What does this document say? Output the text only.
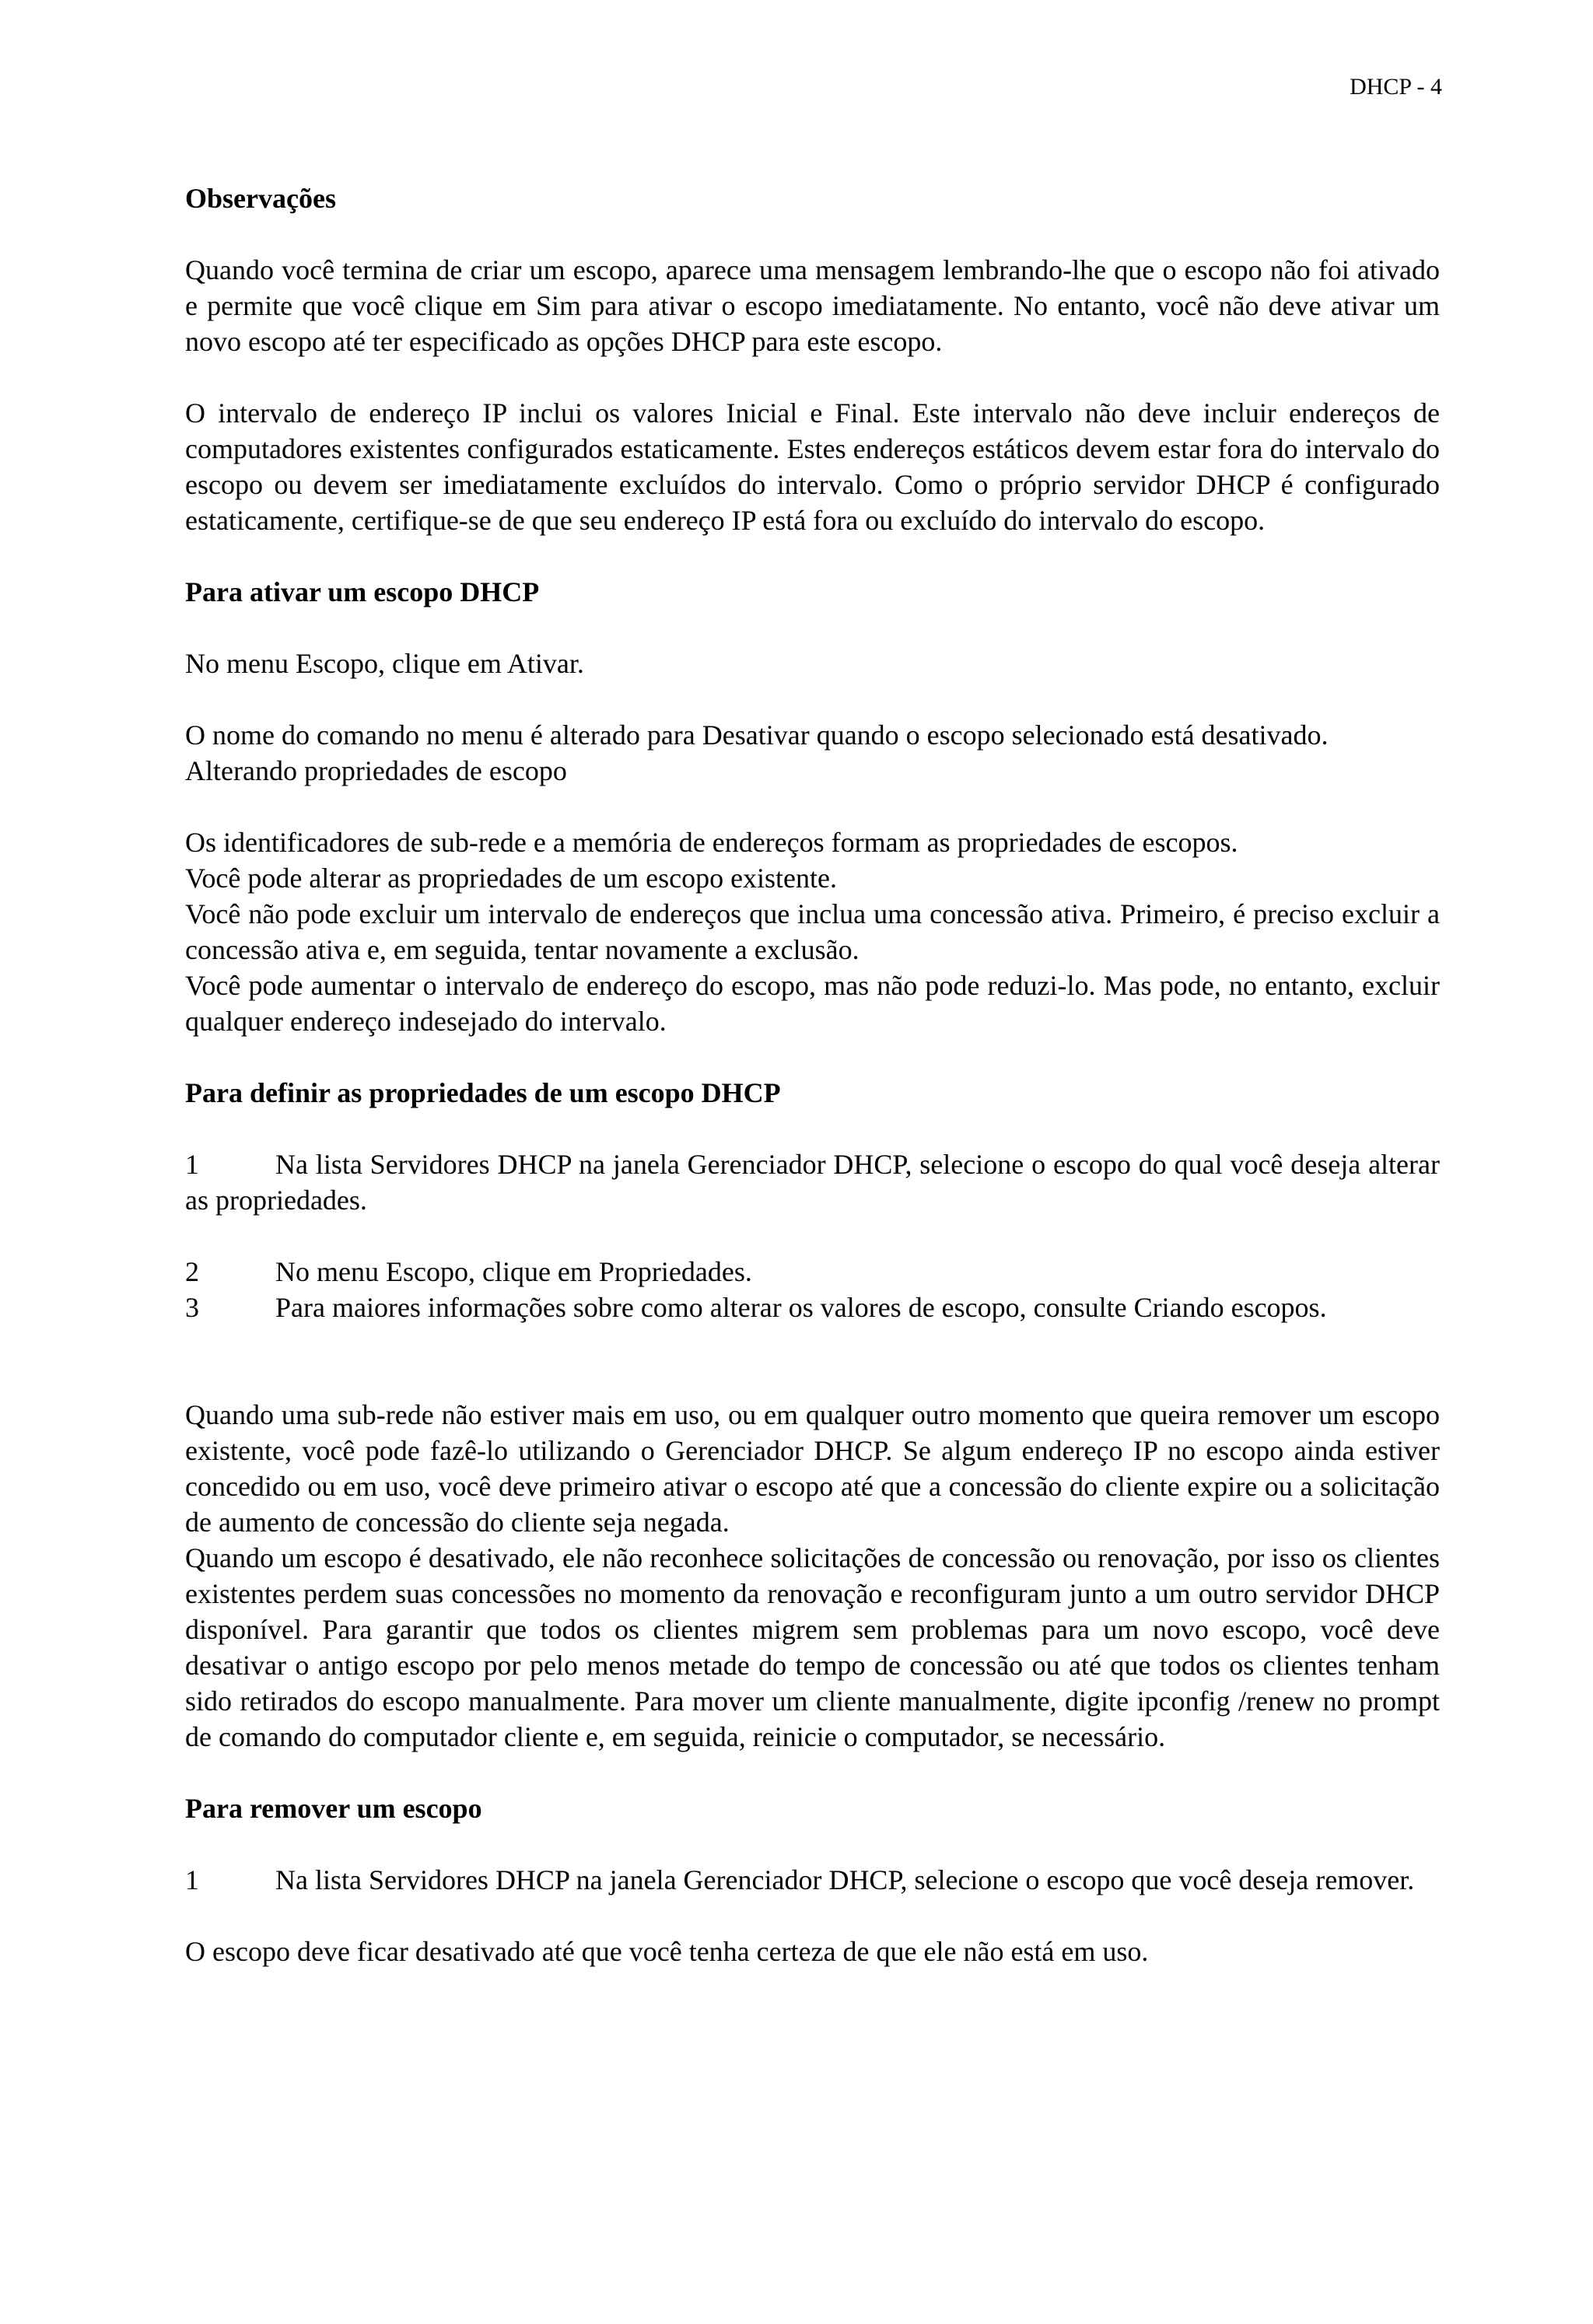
DHCP - 4

Observações

Quando você termina de criar um escopo, aparece uma mensagem lembrando-lhe que o escopo não foi ativado e permite que você clique em Sim para ativar o escopo imediatamente. No entanto, você não deve ativar um novo escopo até ter especificado as opções DHCP para este escopo.

O intervalo de endereço IP inclui os valores Inicial e Final. Este intervalo não deve incluir endereços de computadores existentes configurados estaticamente. Estes endereços estáticos devem estar fora do intervalo do escopo ou devem ser imediatamente excluídos do intervalo. Como o próprio servidor DHCP é configurado estaticamente, certifique-se de que seu endereço IP está fora ou excluído do intervalo do escopo.

Para ativar um escopo DHCP

No menu Escopo, clique em Ativar.

O nome do comando no menu é alterado para Desativar quando o escopo selecionado está desativado.

Alterando propriedades de escopo

Os identificadores de sub-rede e a memória de endereços formam as propriedades de escopos.

Você pode alterar as propriedades de um escopo existente.

Você não pode excluir um intervalo de endereços que inclua uma concessão ativa. Primeiro, é preciso excluir a concessão ativa e, em seguida, tentar novamente a exclusão.

Você pode aumentar o intervalo de endereço do escopo, mas não pode reduzi-lo. Mas pode, no entanto, excluir qualquer endereço indesejado do intervalo.

Para definir as propriedades de um escopo DHCP

1	Na lista Servidores DHCP na janela Gerenciador DHCP, selecione o escopo do qual você deseja alterar as propriedades.

2	No menu Escopo, clique em Propriedades.

3	Para maiores informações sobre como alterar os valores de escopo, consulte Criando escopos.

Quando uma sub-rede não estiver mais em uso, ou em qualquer outro momento que queira remover um escopo existente, você pode fazê-lo utilizando o Gerenciador DHCP. Se algum endereço IP no escopo ainda estiver concedido ou em uso, você deve primeiro ativar o escopo até que a concessão do cliente expire ou a solicitação de aumento de concessão do cliente seja negada.

Quando um escopo é desativado, ele não reconhece solicitações de concessão ou renovação, por isso os clientes existentes perdem suas concessões no momento da renovação e reconfiguram junto a um outro servidor DHCP disponível. Para garantir que todos os clientes migrem sem problemas para um novo escopo, você deve desativar o antigo escopo por pelo menos metade do tempo de concessão ou até que todos os clientes tenham sido retirados do escopo manualmente. Para mover um cliente manualmente, digite ipconfig /renew no prompt de comando do computador cliente e, em seguida, reinicie o computador, se necessário.

Para remover um escopo

1	Na lista Servidores DHCP na janela Gerenciador DHCP, selecione o escopo que você deseja remover.

O escopo deve ficar desativado até que você tenha certeza de que ele não está em uso.
